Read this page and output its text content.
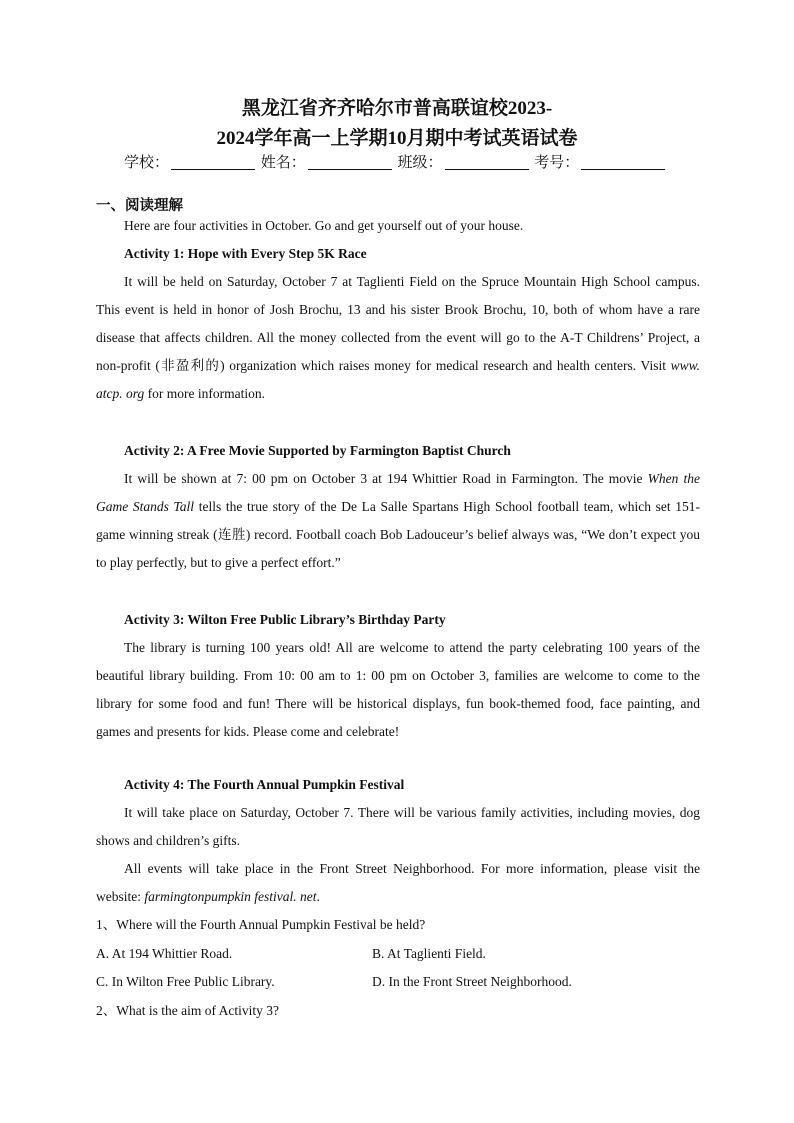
黑龙江省齐齐哈尔市普高联谊校2023-
2024学年高一上学期10月期中考试英语试卷
学校：	姓名：	班级：	考号：
一、阅读理解
Here are four activities in October. Go and get yourself out of your house.
Activity 1: Hope with Every Step 5K Race
It will be held on Saturday, October 7 at Taglienti Field on the Spruce Mountain High School campus. This event is held in honor of Josh Brochu, 13 and his sister Brook Brochu, 10, both of whom have a rare disease that affects children. All the money collected from the event will go to the A-T Childrens’ Project, a non-profit (非盈利的) organization which raises money for medical research and health centers. Visit www. atcp. org for more information.
Activity 2: A Free Movie Supported by Farmington Baptist Church
It will be shown at 7: 00 pm on October 3 at 194 Whittier Road in Farmington. The movie When the Game Stands Tall tells the true story of the De La Salle Spartans High School football team, which set 151-game winning streak (连胜) record. Football coach Bob Ladouceur’s belief always was, “We don’t expect you to play perfectly, but to give a perfect effort.”
Activity 3: Wilton Free Public Library’s Birthday Party
The library is turning 100 years old! All are welcome to attend the party celebrating 100 years of the beautiful library building. From 10: 00 am to 1: 00 pm on October 3, families are welcome to come to the library for some food and fun! There will be historical displays, fun book-themed food, face painting, and games and presents for kids. Please come and celebrate!
Activity 4: The Fourth Annual Pumpkin Festival
It will take place on Saturday, October 7. There will be various family activities, including movies, dog shows and children’s gifts.
All events will take place in the Front Street Neighborhood. For more information, please visit the website: farmingtonpumpkin festival. net.
1、Where will the Fourth Annual Pumpkin Festival be held?
A. At 194 Whittier Road.	B. At Taglienti Field.
C. In Wilton Free Public Library.	D. In the Front Street Neighborhood.
2、What is the aim of Activity 3?
